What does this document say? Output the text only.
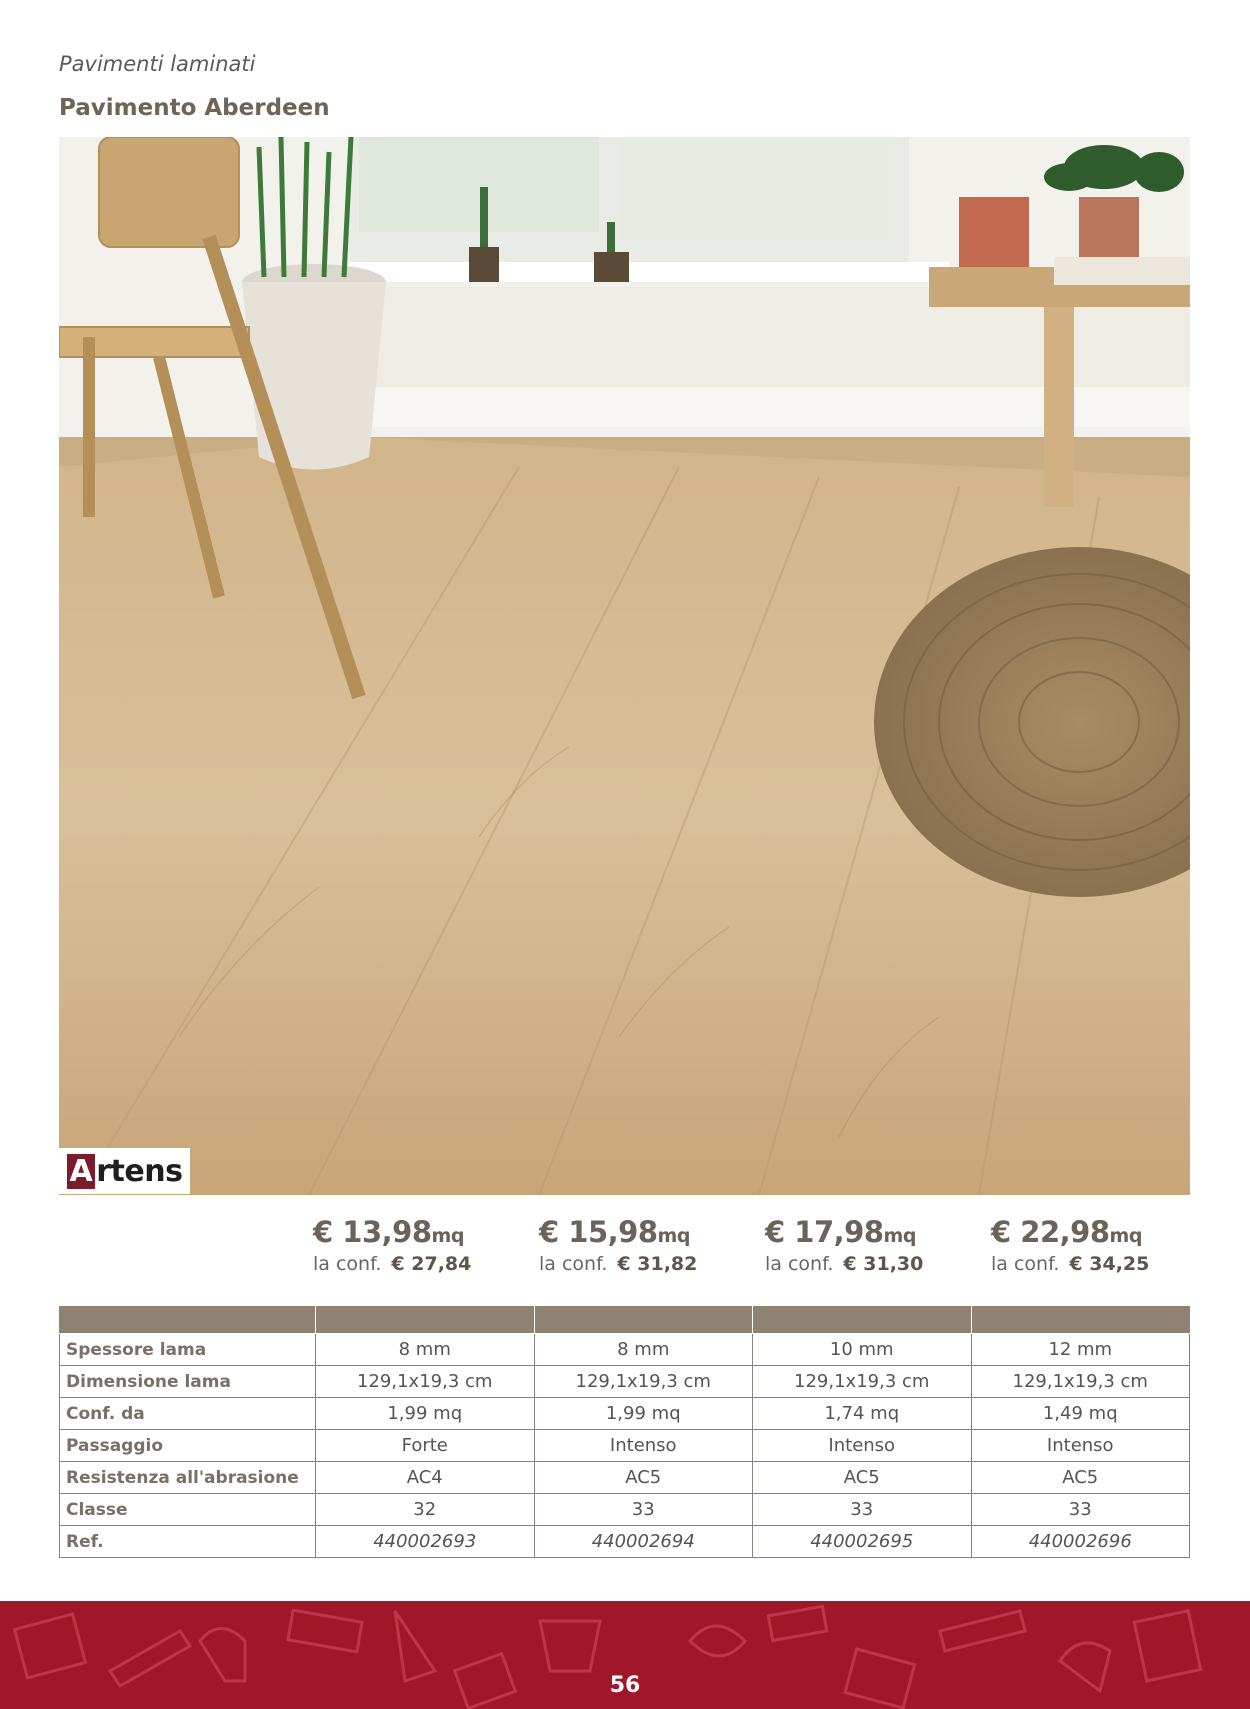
Pavimenti laminati
Pavimento Aberdeen
A rtens
€ 13,98mq
la conf. € 27,84
€ 15,98mq
la conf. € 31,82
€ 17,98mq
la conf. € 31,30
€ 22,98mq
la conf. € 34,25

Spessore lama	8 mm	8 mm	10 mm	12 mm
Dimensione lama	129,1x19,3 cm	129,1x19,3 cm	129,1x19,3 cm	129,1x19,3 cm
Conf. da	1,99 mq	1,99 mq	1,74 mq	1,49 mq
Passaggio	Forte	Intenso	Intenso	Intenso
Resistenza all'abrasione	AC4	AC5	AC5	AC5
Classe	32	33	33	33
Ref.	440002693	440002694	440002695	440002696
56
